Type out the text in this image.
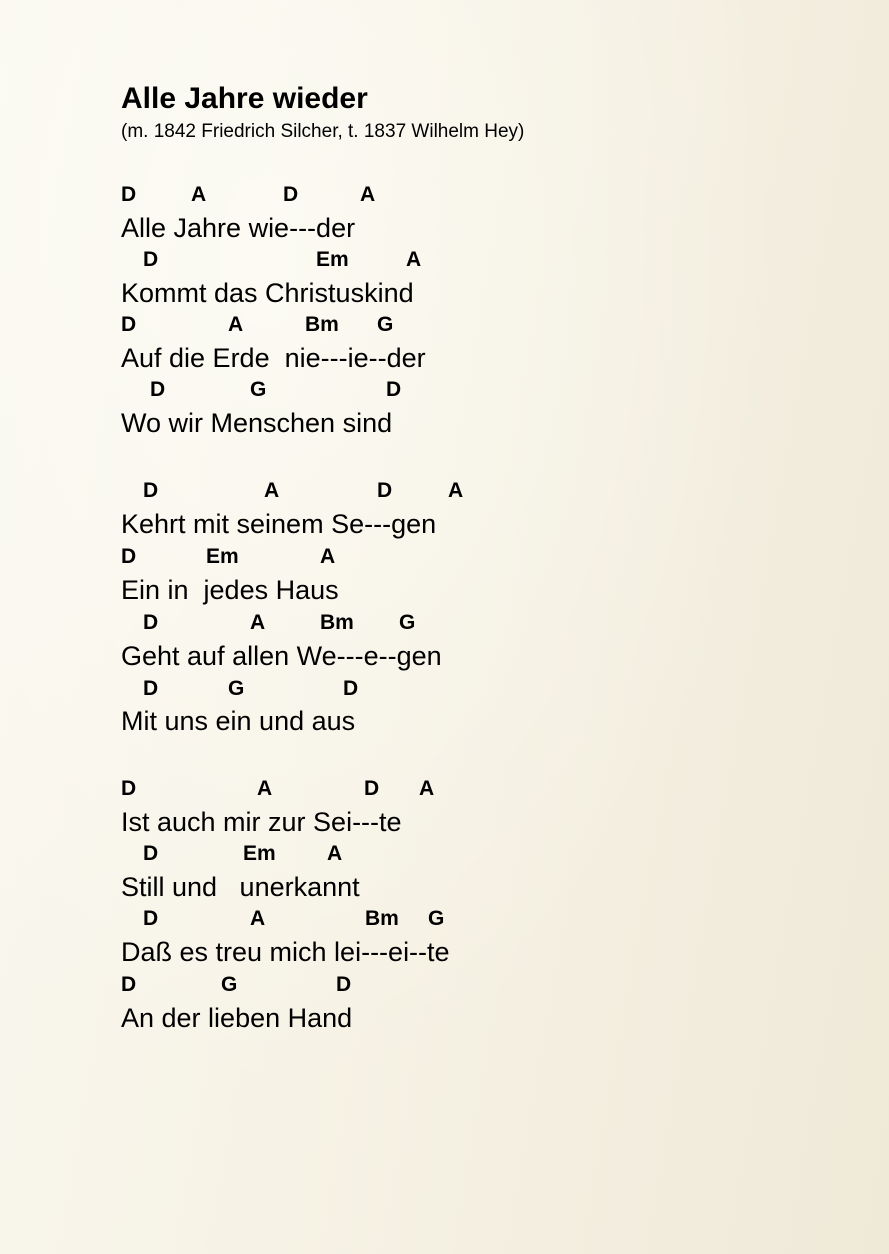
Alle Jahre wieder
(m. 1842 Friedrich Silcher, t. 1837 Wilhelm Hey)
D	A	D	A
Alle Jahre wie---der
D	Em	A
Kommt das Christuskind
D	A	Bm G
Auf die Erde  nie---ie--der
D	G	D
Wo wir Menschen sind
D	A	D	A
Kehrt mit seinem Se---gen
D	Em	A
Ein in  jedes Haus
D	A	Bm G
Geht auf allen We---e--gen
D	G	D
Mit uns ein und aus
D	A	D A
Ist auch mir zur Sei---te
D	Em A
Still und   unerkannt
D	A	Bm G
Daß es treu mich lei---ei--te
D	G	D
An der lieben Hand
